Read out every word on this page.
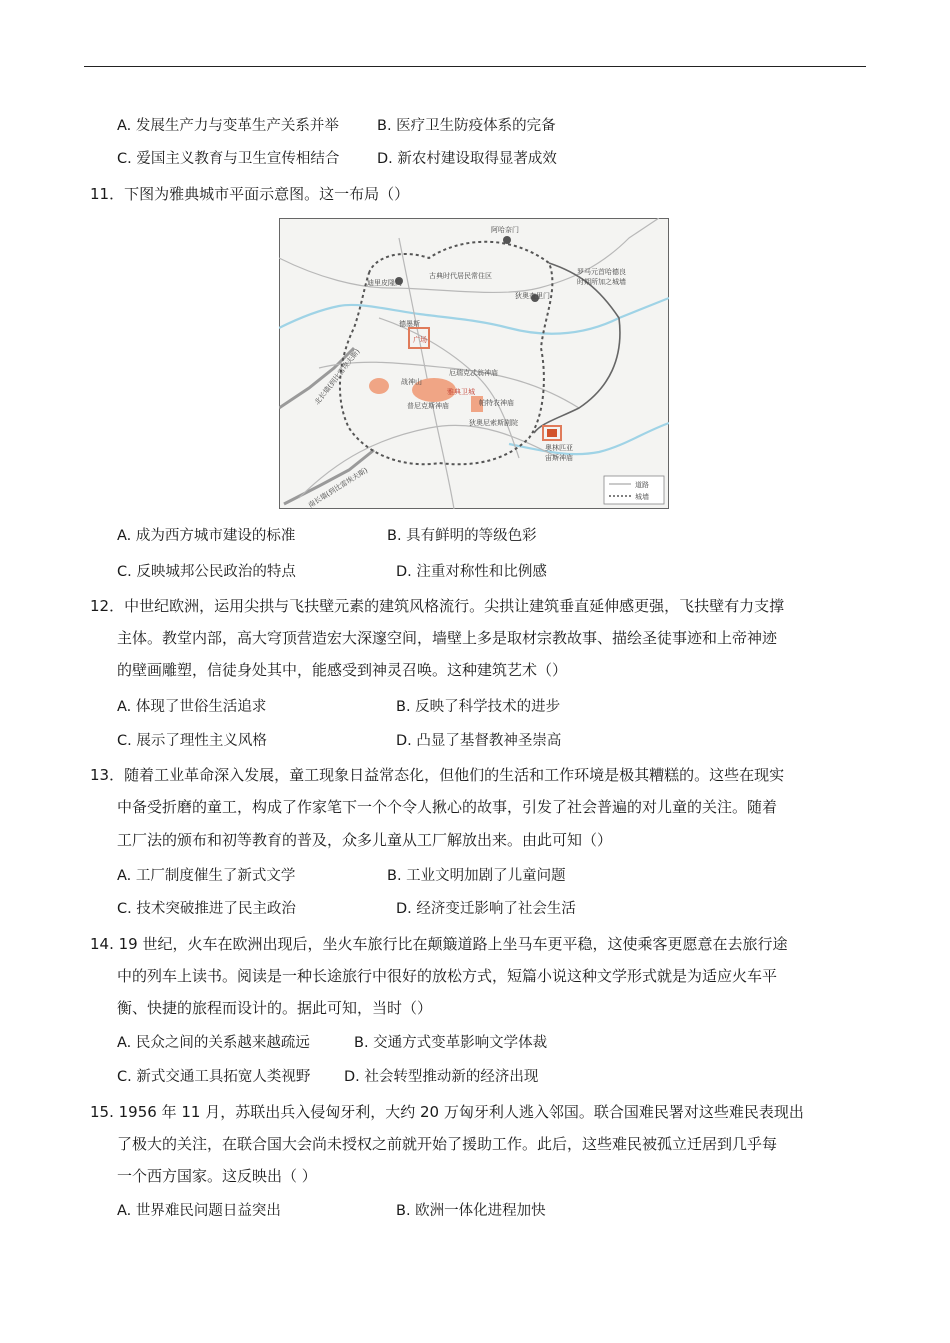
A. 发展生产力与变革生产关系并举	B. 医疗卫生防疫体系的完备
C. 爱国主义教育与卫生宣传相结合	D. 新农村建设取得显著成效
11．下图为雅典城市平面示意图。这一布局（）
阿哈奈门
古典时代居民常住区
迪里皮隆门
罗马元首哈德良
时期所加之城墙
狄奥查里门
德墨斯
广场
战神山
厄瑞克忒翁神庙
雅典卫城
帕特农神庙
普尼克斯神庙
狄奥尼索斯剧院
奥林匹亚
宙斯神庙
北长墙(到比雷埃夫斯)
南长墙(到比雷埃夫斯)	道路
城墙
A. 成为西方城市建设的标准	B. 具有鲜明的等级色彩
C. 反映城邦公民政治的特点	D. 注重对称性和比例感
12．中世纪欧洲，运用尖拱与飞扶壁元素的建筑风格流行。尖拱让建筑垂直延伸感更强，飞扶壁有力支撑
主体。教堂内部，高大穹顶营造宏大深邃空间，墙壁上多是取材宗教故事、描绘圣徒事迹和上帝神迹
的壁画雕塑，信徒身处其中，能感受到神灵召唤。这种建筑艺术（）
A. 体现了世俗生活追求	B. 反映了科学技术的进步
C. 展示了理性主义风格	D. 凸显了基督教神圣崇高
13．随着工业革命深入发展，童工现象日益常态化，但他们的生活和工作环境是极其糟糕的。这些在现实
中备受折磨的童工，构成了作家笔下一个个令人揪心的故事，引发了社会普遍的对儿童的关注。随着
工厂法的颁布和初等教育的普及，众多儿童从工厂解放出来。由此可知（）
A. 工厂制度催生了新式文学	B. 工业文明加剧了儿童问题
C. 技术突破推进了民主政治	D. 经济变迁影响了社会生活
14. 19 世纪，火车在欧洲出现后，坐火车旅行比在颠簸道路上坐马车更平稳，这使乘客更愿意在去旅行途
中的列车上读书。阅读是一种长途旅行中很好的放松方式，短篇小说这种文学形式就是为适应火车平
衡、快捷的旅程而设计的。据此可知，当时（）
A. 民众之间的关系越来越疏远	B. 交通方式变革影响文学体裁
C. 新式交通工具拓宽人类视野 D. 社会转型推动新的经济出现
15. 1956 年 11 月，苏联出兵入侵匈牙利，大约 20 万匈牙利人逃入邻国。联合国难民署对这些难民表现出
了极大的关注，在联合国大会尚未授权之前就开始了援助工作。此后，这些难民被孤立迁居到几乎每
一个西方国家。这反映出（ ）
A. 世界难民问题日益突出	B. 欧洲一体化进程加快
